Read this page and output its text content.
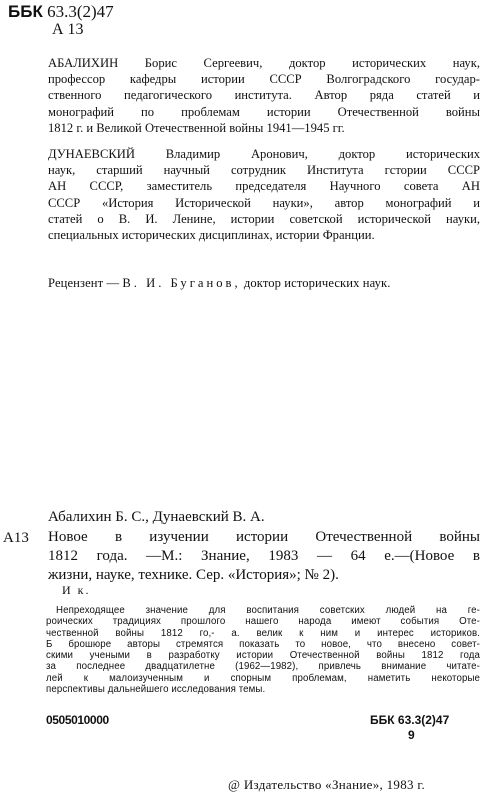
ББК 63.3(2)47
А 13
АБАЛИХИН Борис Сергеевич, доктор исторических наук,
профессор кафедры истории СССР Волгоградского государ-
ственного педагогического института. Автор ряда статей и
монографий по проблемам истории Отечественной войны
1812 г. и Великой Отечественной войны 1941—1945 гг.
ДУНАЕВСКИЙ Владимир Аронович, доктор исторических
наук, старший научный сотрудник Института гстории СССР
АН СССР, заместитель председателя Научного совета АН
СССР «История Исторической науки», автор монографий и
статей о В. И. Ленине, истории советской исторической науки,
специальных исторических дисциплинах, истории Франции.
Рецензент — В. И. Буганов, доктор исторических наук.
Абалихин Б. С., Дунаевский В. А.
А13 Новое в изучении истории Отечественной войны
1812 года. —М.: Знание, 1983 — 64 е.—(Новое в
жизни, науке, технике. Сер. «История»; № 2).
И к.
Непреходящее значение для воспитания советских людей на ге-
роических традициях прошлого нашего народа имеют события Оте-
чественной войны 1812 го,- а. велик к ним и интерес историков.
Б брошюре авторы стремятся показать то новое, что внесено совет-
скими учеными в разработку истории Отечественной войны 1812 года
за последнее двадцатилетне (1962—1982), привлечь внимание читате-
лей к малоизученным и спорным проблемам, наметить некоторые
перспективы дальнейшего исследования темы.
0505010000	ББК 63.3(2)47
9
@ Издательство «Знание», 1983 г.
